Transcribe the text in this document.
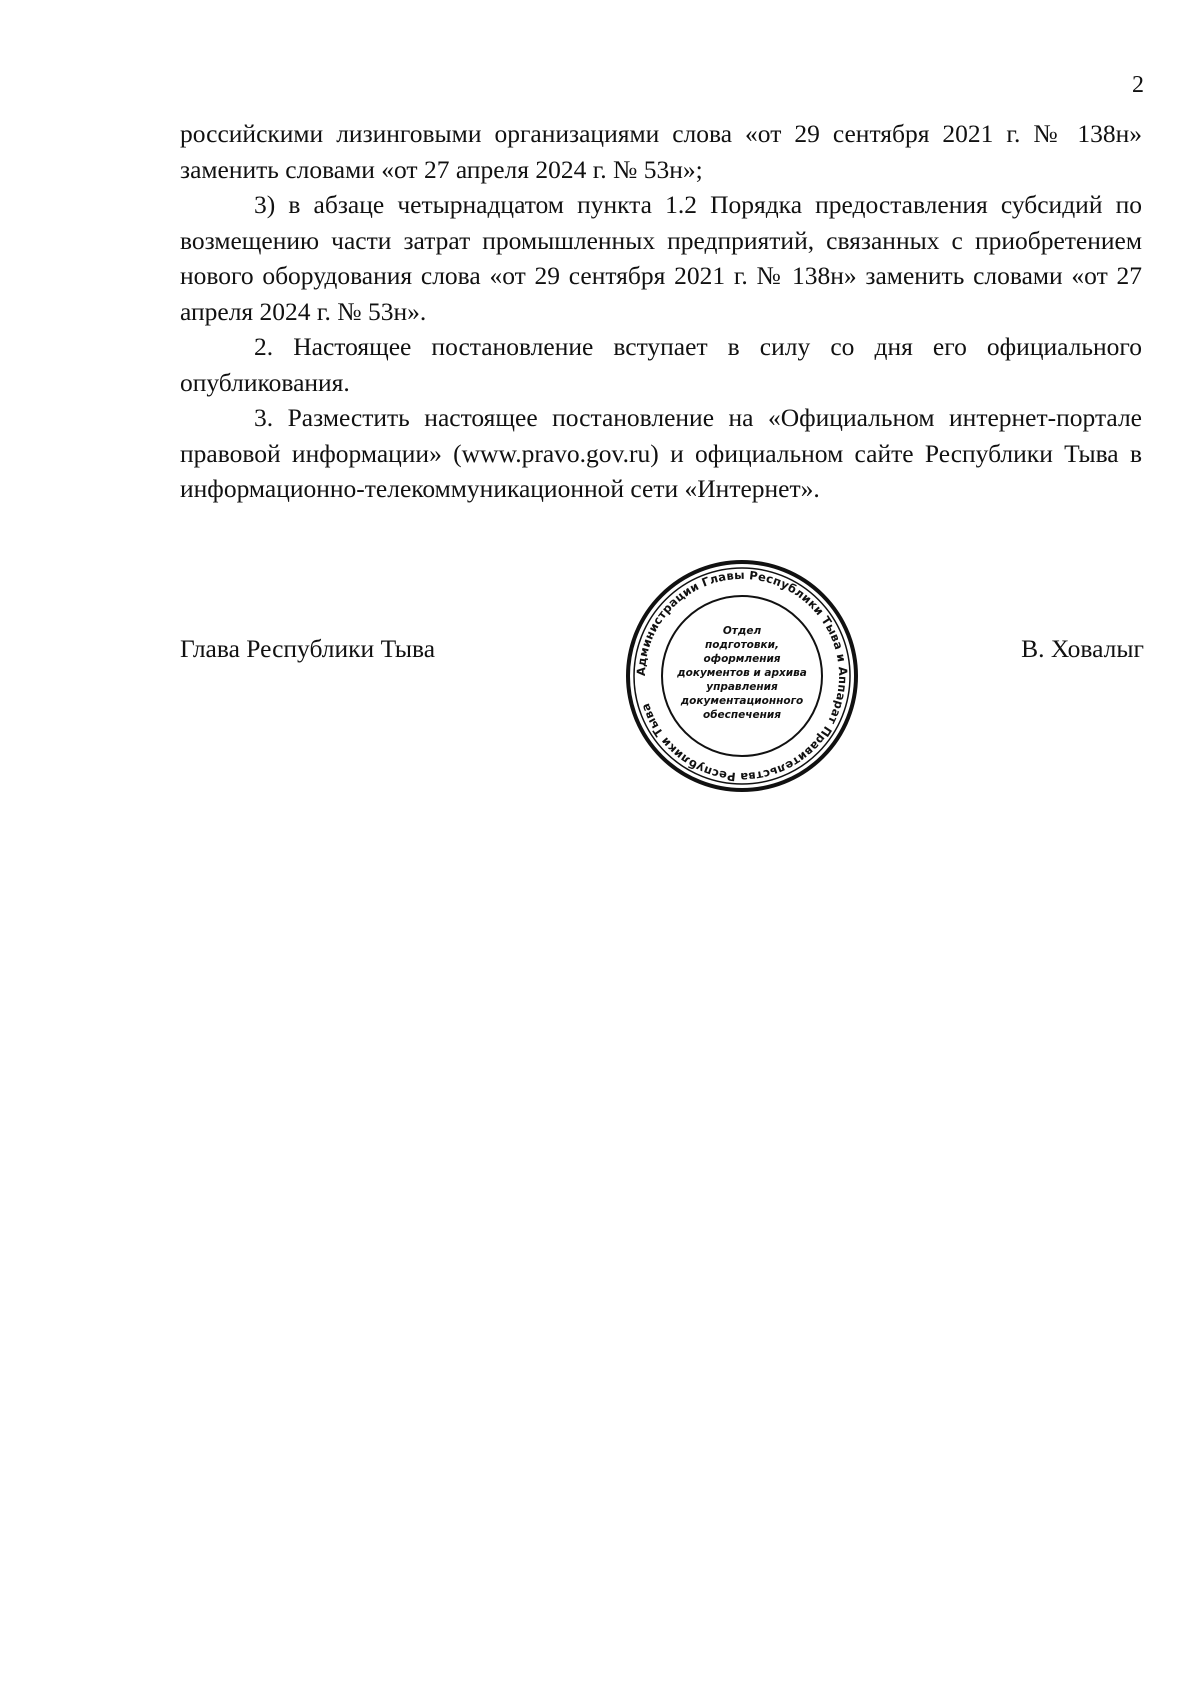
2

российскими лизинговыми организациями слова «от 29 сентября 2021 г. № 138н» заменить словами «от 27 апреля 2024 г. № 53н»;

3) в абзаце четырнадцатом пункта 1.2 Порядка предоставления субсидий по возмещению части затрат промышленных предприятий, связанных с приобретением нового оборудования слова «от 29 сентября 2021 г. № 138н» заменить словами «от 27 апреля 2024 г. № 53н».

2. Настоящее постановление вступает в силу со дня его официального опубликования.

3. Разместить настоящее постановление на «Официальном интернет-портале правовой информации» (www.pravo.gov.ru) и официальном сайте Республики Тыва в информационно-телекоммуникационной сети «Интернет».

Глава Республики Тыва	В. Ховалыг
Администрации Главы Республики Тыва и Аппарат Правительства Республики Тыва
Отдел
подготовки,
оформления
документов и архива
управления
документационного
обеспечения
